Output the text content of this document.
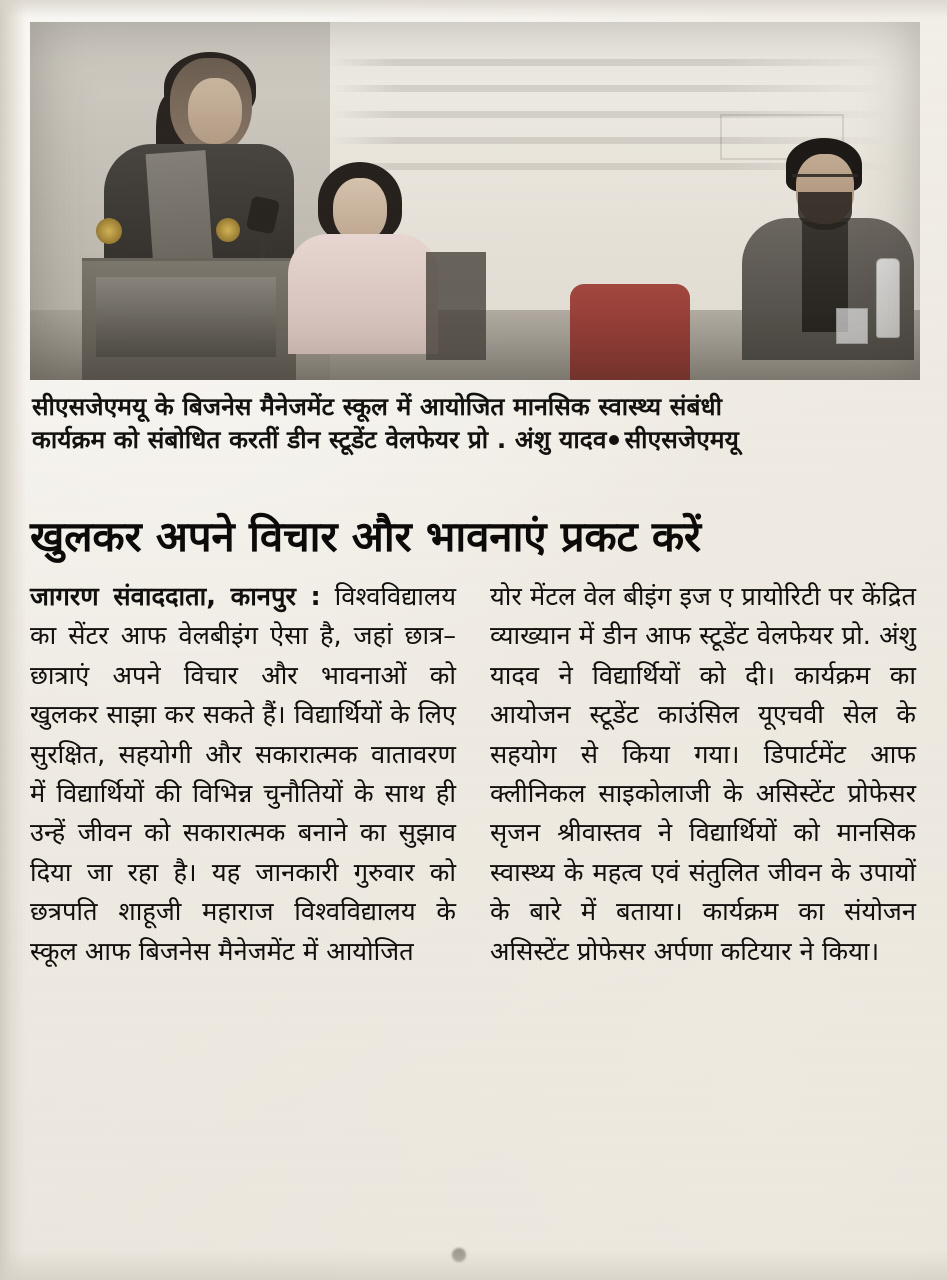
सीएसजेएमयू के बिजनेस मैनेजमेंट स्कूल में आयोजित मानसिक स्वास्थ्य संबंधी
कार्यक्रम को संबोधित करतीं डीन स्टूडेंट वेलफेयर प्रो . अंशु यादव सीएसजेएमयू
खुलकर अपने विचार और भावनाएं प्रकट करें

जागरण संवाददाता, कानपुर : विश्वविद्यालय का सेंटर आफ वेलबीइंग ऐसा है, जहां छात्र–छात्राएं अपने विचार और भावनाओं को खुलकर साझा कर सकते हैं। विद्यार्थियों के लिए सुरक्षित, सहयोगी और सकारात्मक वातावरण में विद्यार्थियों की विभिन्न चुनौतियों के साथ ही उन्हें जीवन को सकारात्मक बनाने का सुझाव दिया जा रहा है। यह जानकारी गुरुवार को छत्रपति शाहूजी महाराज विश्वविद्यालय के स्कूल आफ बिजनेस मैनेजमेंट में आयोजित

योर मेंटल वेल बीइंग इज ए प्रायोरिटी पर केंद्रित व्याख्यान में डीन आफ स्टूडेंट वेलफेयर प्रो. अंशु यादव ने विद्यार्थियों को दी। कार्यक्रम का आयोजन स्टूडेंट काउंसिल यूएचवी सेल के सहयोग से किया गया। डिपार्टमेंट आफ क्लीनिकल साइकोलाजी के असिस्टेंट प्रोफेसर सृजन श्रीवास्तव ने विद्यार्थियों को मानसिक स्वास्थ्य के महत्व एवं संतुलित जीवन के उपायों के बारे में बताया। कार्यक्रम का संयोजन असिस्टेंट प्रोफेसर अर्पणा कटियार ने किया।
